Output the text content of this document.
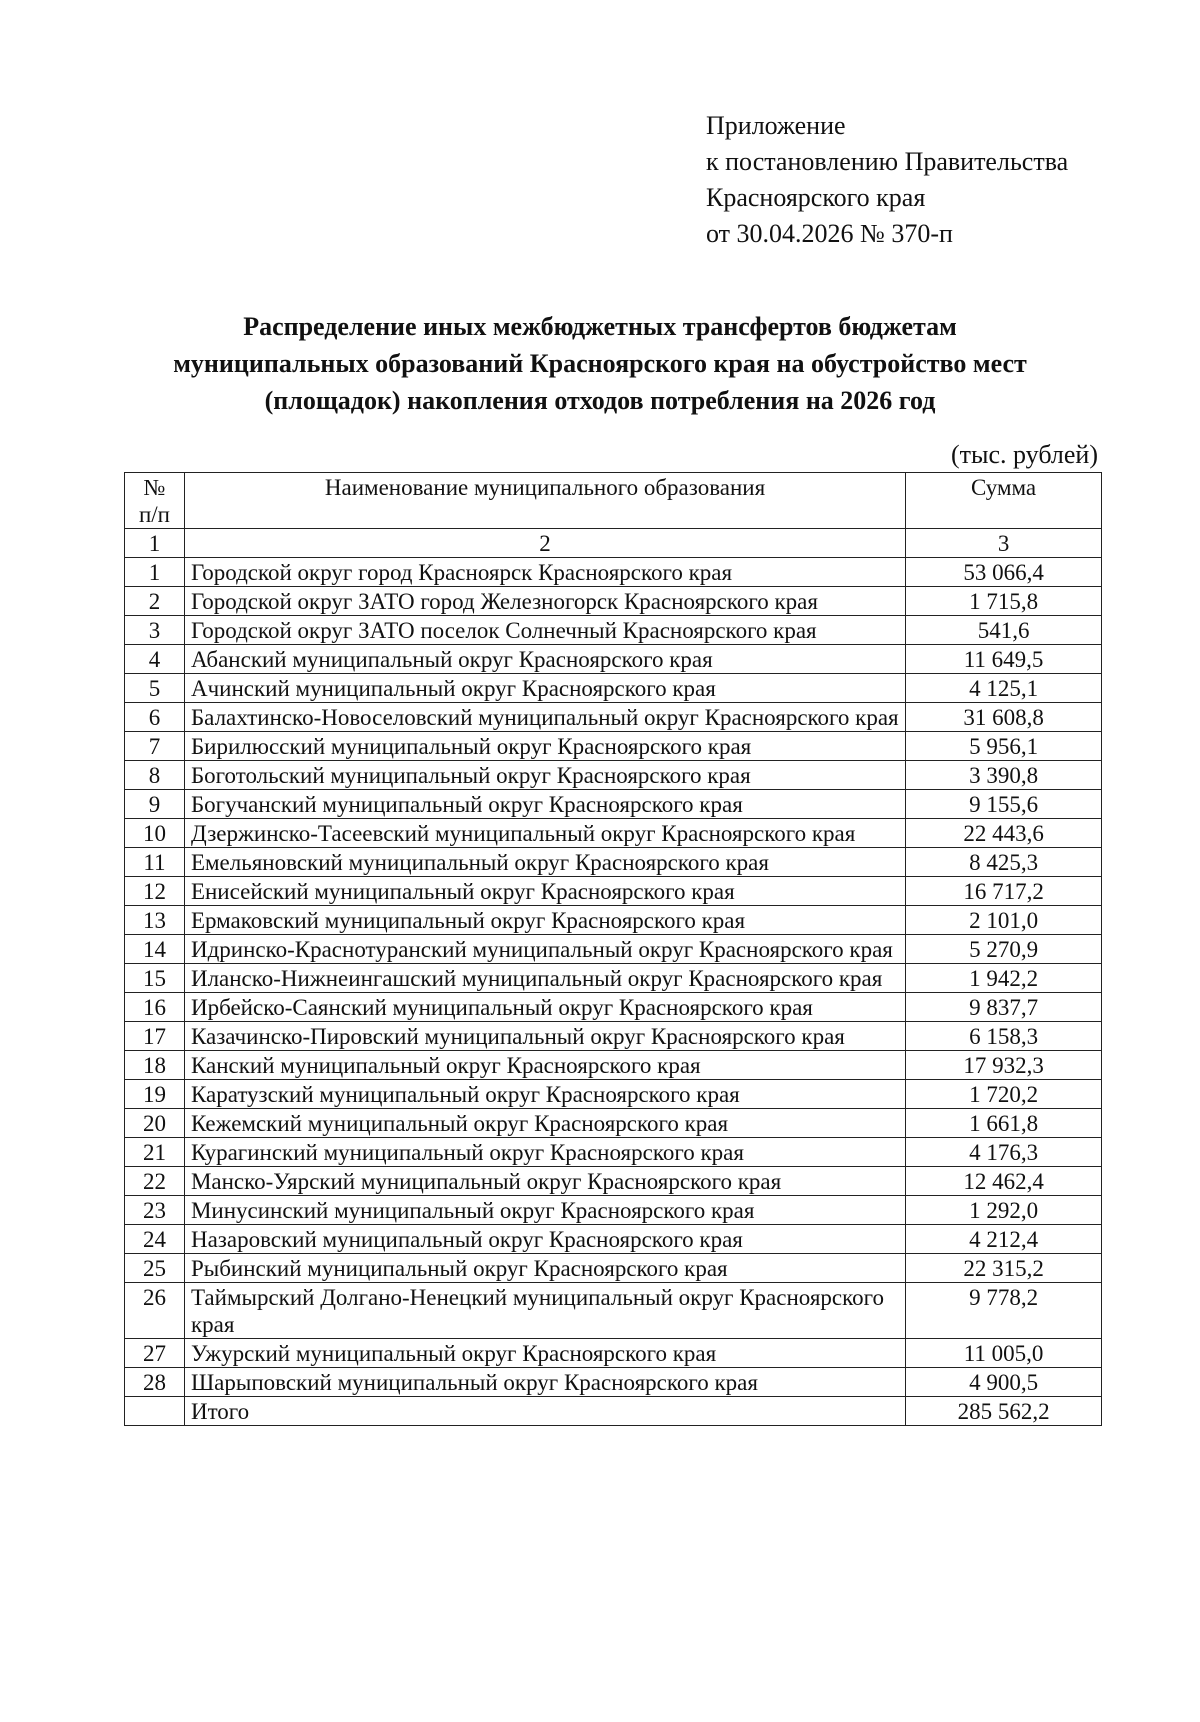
Приложение
к постановлению Правительства
Красноярского края
от 30.04.2026 № 370-п
Распределение иных межбюджетных трансфертов бюджетам
муниципальных образований Красноярского края на обустройство мест
(площадок) накопления отходов потребления на 2026 год
(тыс. рублей)
№
п/п	Наименование муниципального образования	Сумма
1	2	3
1	Городской округ город Красноярск Красноярского края	53 066,4
2	Городской округ ЗАТО город Железногорск Красноярского края	1 715,8
3	Городской округ ЗАТО поселок Солнечный Красноярского края	541,6
4	Абанский муниципальный округ Красноярского края	11 649,5
5	Ачинский муниципальный округ Красноярского края	4 125,1
6	Балахтинско-Новоселовский муниципальный округ Красноярского края	31 608,8
7	Бирилюсский муниципальный округ Красноярского края	5 956,1
8	Боготольский муниципальный округ Красноярского края	3 390,8
9	Богучанский муниципальный округ Красноярского края	9 155,6
10	Дзержинско-Тасеевский муниципальный округ Красноярского края	22 443,6
11	Емельяновский муниципальный округ Красноярского края	8 425,3
12	Енисейский муниципальный округ Красноярского края	16 717,2
13	Ермаковский муниципальный округ Красноярского края	2 101,0
14	Идринско-Краснотуранский муниципальный округ Красноярского края	5 270,9
15	Иланско-Нижнеингашский муниципальный округ Красноярского края	1 942,2
16	Ирбейско-Саянский муниципальный округ Красноярского края	9 837,7
17	Казачинско-Пировский муниципальный округ Красноярского края	6 158,3
18	Канский муниципальный округ Красноярского края	17 932,3
19	Каратузский муниципальный округ Красноярского края	1 720,2
20	Кежемский муниципальный округ Красноярского края	1 661,8
21	Курагинский муниципальный округ Красноярского края	4 176,3
22	Манско-Уярский муниципальный округ Красноярского края	12 462,4
23	Минусинский муниципальный округ Красноярского края	1 292,0
24	Назаровский муниципальный округ Красноярского края	4 212,4
25	Рыбинский муниципальный округ Красноярского края	22 315,2
26	Таймырский Долгано-Ненецкий муниципальный округ Красноярского края	9 778,2
27	Ужурский муниципальный округ Красноярского края	11 005,0
28	Шарыповский муниципальный округ Красноярского края	4 900,5
	Итого	285 562,2
